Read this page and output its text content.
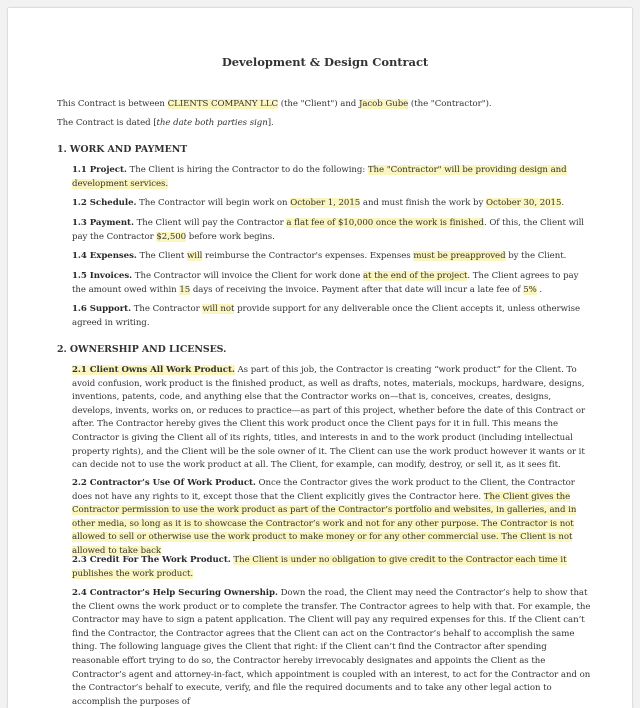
Development & Design Contract

This Contract is between CLIENTS COMPANY LLC (the "Client") and Jacob Gube (the "Contractor").

The Contract is dated [the date both parties sign].

1. WORK AND PAYMENT

1.1 Project. The Client is hiring the Contractor to do the following: The "Contractor" will be providing design and development services.

1.2 Schedule. The Contractor will begin work on October 1, 2015 and must finish the work by October 30, 2015.

1.3 Payment. The Client will pay the Contractor a flat fee of $10,000 once the work is finished. Of this, the Client will pay the Contractor $2,500 before work begins.

1.4 Expenses. The Client will reimburse the Contractor's expenses. Expenses must be preapproved by the Client.

1.5 Invoices. The Contractor will invoice the Client for work done at the end of the project. The Client agrees to pay the amount owed within 15 days of receiving the invoice. Payment after that date will incur a late fee of 5% .

1.6 Support. The Contractor will not provide support for any deliverable once the Client accepts it, unless otherwise agreed in writing.

2. OWNERSHIP AND LICENSES.

2.1 Client Owns All Work Product. As part of this job, the Contractor is creating “work product” for the Client. To avoid confusion, work product is the finished product, as well as drafts, notes, materials, mockups, hardware, designs, inventions, patents, code, and anything else that the Contractor works on—that is, conceives, creates, designs, develops, invents, works on, or reduces to practice—as part of this project, whether before the date of this Contract or after. The Contractor hereby gives the Client this work product once the Client pays for it in full. This means the Contractor is giving the Client all of its rights, titles, and interests in and to the work product (including intellectual property rights), and the Client will be the sole owner of it. The Client can use the work product however it wants or it can decide not to use the work product at all. The Client, for example, can modify, destroy, or sell it, as it sees fit.

2.2 Contractor’s Use Of Work Product. Once the Contractor gives the work product to the Client, the Contractor does not have any rights to it, except those that the Client explicitly gives the Contractor here. The Client gives the Contractor permission to use the work product as part of the Contractor’s portfolio and websites, in galleries, and in other media, so long as it is to showcase the Contractor’s work and not for any other purpose. The Contractor is not allowed to sell or otherwise use the work product to make money or for any other commercial use. The Client is not allowed to take back

2.3 Credit For The Work Product. The Client is under no obligation to give credit to the Contractor each time it publishes the work product.

2.4 Contractor’s Help Securing Ownership. Down the road, the Client may need the Contractor’s help to show that the Client owns the work product or to complete the transfer. The Contractor agrees to help with that. For example, the Contractor may have to sign a patent application. The Client will pay any required expenses for this. If the Client can’t find the Contractor, the Contractor agrees that the Client can act on the Contractor’s behalf to accomplish the same thing. The following language gives the Client that right: if the Client can’t find the Contractor after spending reasonable effort trying to do so, the Contractor hereby irrevocably designates and appoints the Client as the Contractor’s agent and attorney-in-fact, which appointment is coupled with an interest, to act for the Contractor and on the Contractor’s behalf to execute, verify, and file the required documents and to take any other legal action to accomplish the purposes of
